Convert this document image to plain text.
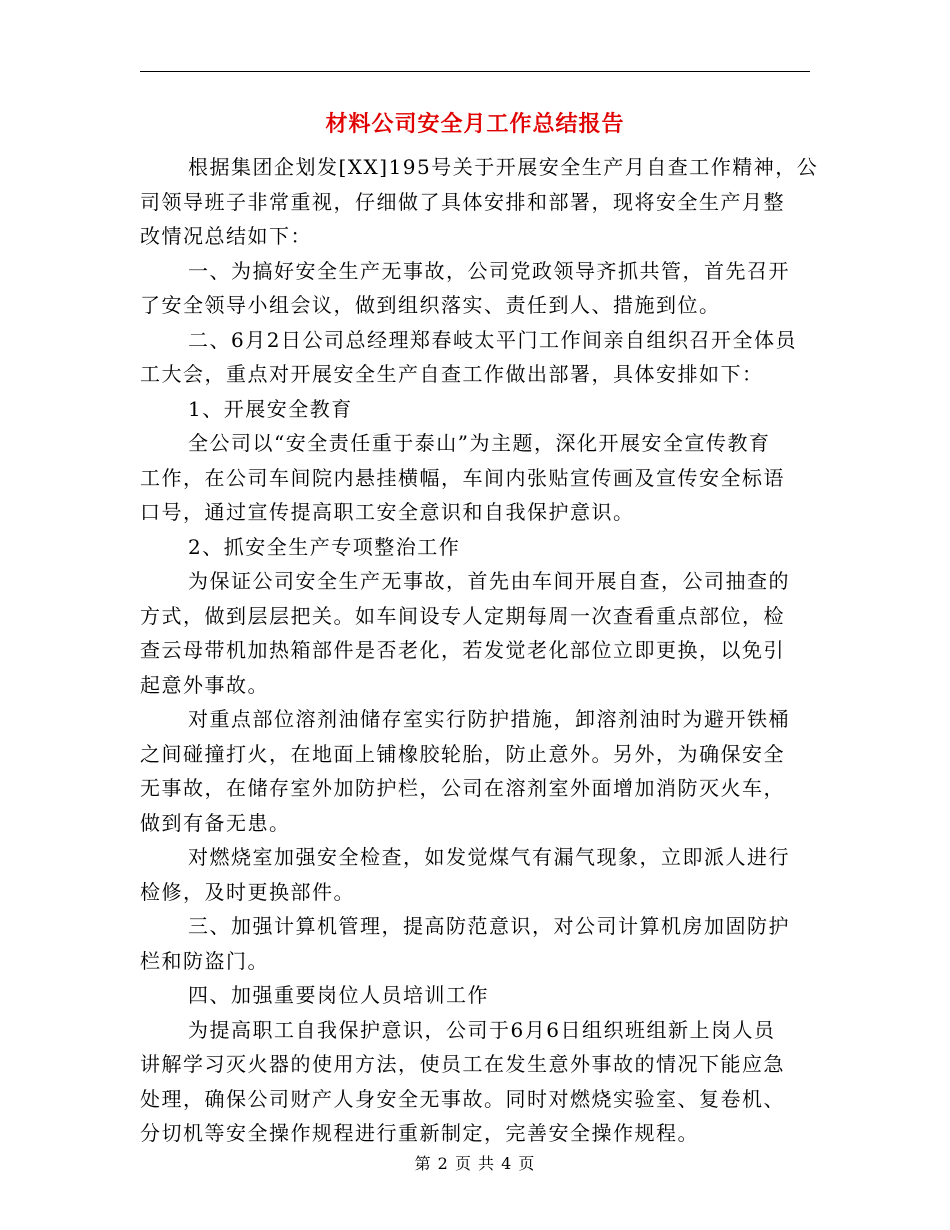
材料公司安全月工作总结报告
根据集团企划发[XX]195号关于开展安全生产月自查工作精神，公
司领导班子非常重视，仔细做了具体安排和部署，现将安全生产月整
改情况总结如下：
一、为搞好安全生产无事故，公司党政领导齐抓共管，首先召开
了安全领导小组会议，做到组织落实、责任到人、措施到位。
二、6月2日公司总经理郑春岐太平门工作间亲自组织召开全体员
工大会，重点对开展安全生产自查工作做出部署，具体安排如下：
1、开展安全教育
全公司以“安全责任重于泰山”为主题，深化开展安全宣传教育
工作，在公司车间院内悬挂横幅，车间内张贴宣传画及宣传安全标语
口号，通过宣传提高职工安全意识和自我保护意识。
2、抓安全生产专项整治工作
为保证公司安全生产无事故，首先由车间开展自查，公司抽查的
方式，做到层层把关。如车间设专人定期每周一次查看重点部位，检
查云母带机加热箱部件是否老化，若发觉老化部位立即更换，以免引
起意外事故。
对重点部位溶剂油储存室实行防护措施，卸溶剂油时为避开铁桶
之间碰撞打火，在地面上铺橡胶轮胎，防止意外。另外，为确保安全
无事故，在储存室外加防护栏，公司在溶剂室外面增加消防灭火车，
做到有备无患。
对燃烧室加强安全检查，如发觉煤气有漏气现象，立即派人进行
检修，及时更换部件。
三、加强计算机管理，提高防范意识，对公司计算机房加固防护
栏和防盗门。
四、加强重要岗位人员培训工作
为提高职工自我保护意识，公司于6月6日组织班组新上岗人员
讲解学习灭火器的使用方法，使员工在发生意外事故的情况下能应急
处理，确保公司财产人身安全无事故。同时对燃烧实验室、复卷机、
分切机等安全操作规程进行重新制定，完善安全操作规程。
第 2 页 共 4 页
